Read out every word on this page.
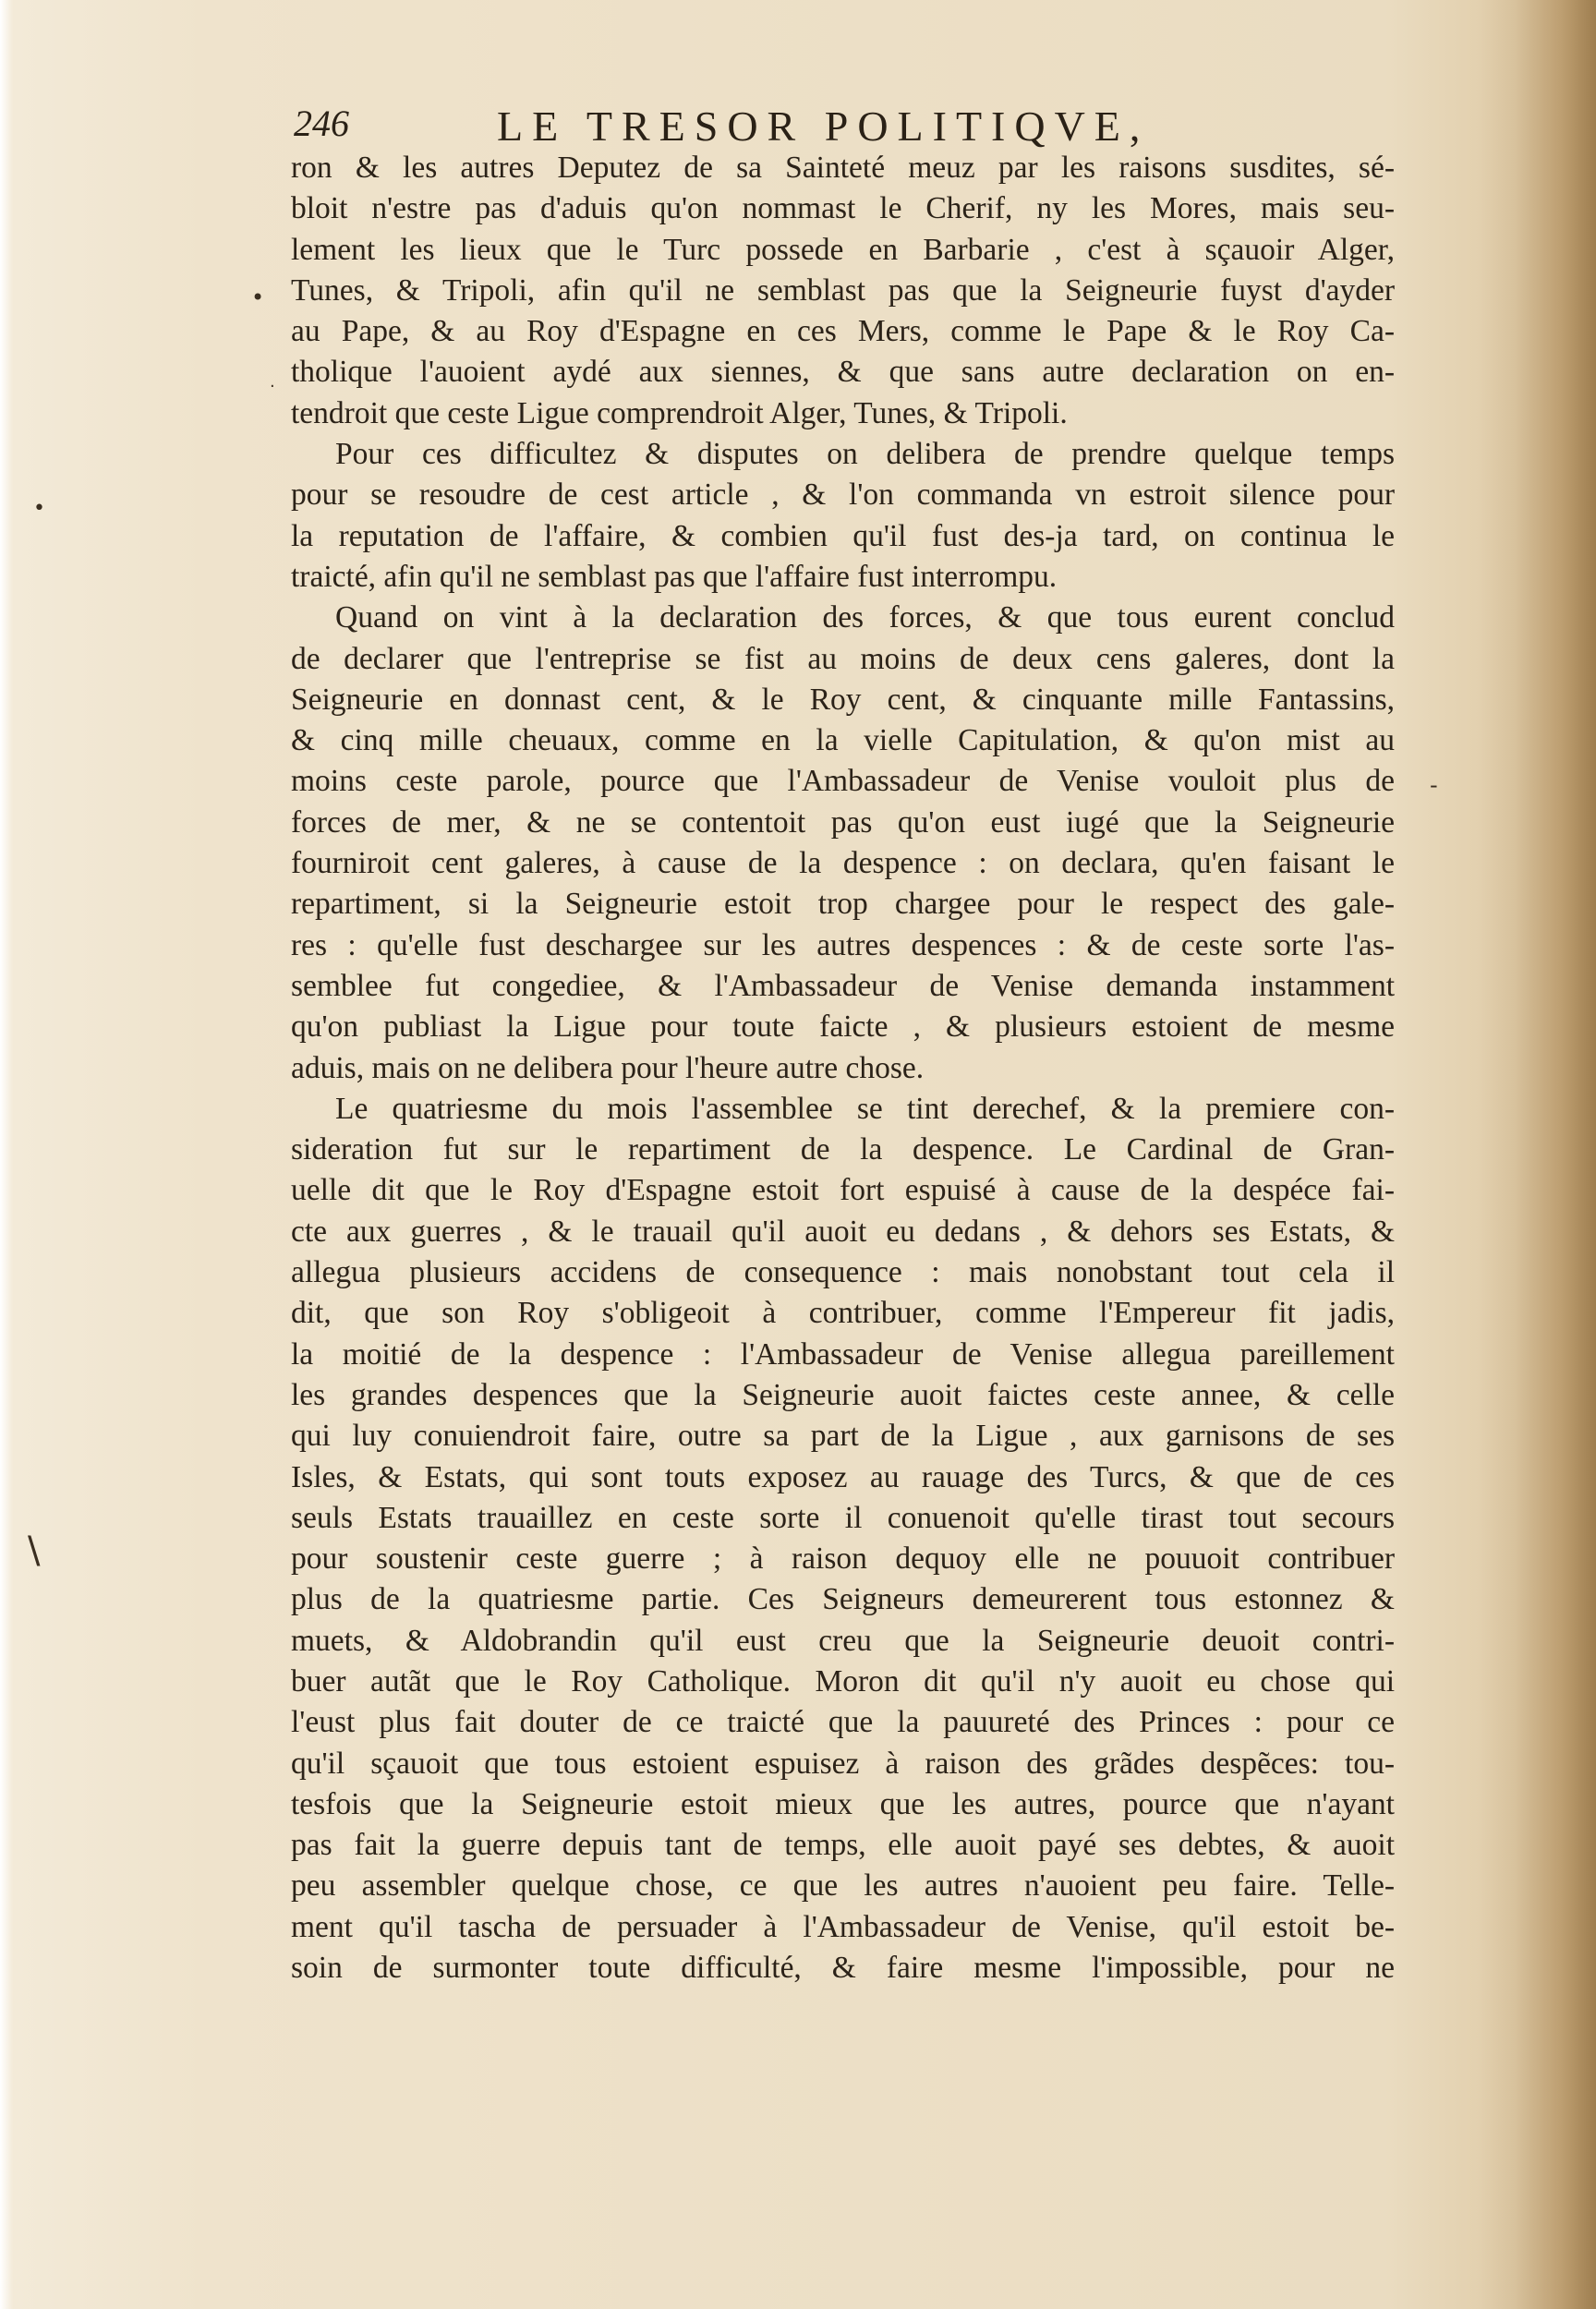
246	LE TRESOR POLITIQVE,
•
·
•
\
-
ron & les autres Deputez de sa Sainteté meuz par les raisons susdites, sé-
bloit n'estre pas d'aduis qu'on nommast le Cherif, ny les Mores, mais seu-
lement les lieux que le Turc possede en Barbarie , c'est à sçauoir Alger,
Tunes, & Tripoli, afin qu'il ne semblast pas que la Seigneurie fuyst d'ayder
au Pape, & au Roy d'Espagne en ces Mers, comme le Pape & le Roy Ca-
tholique l'auoient aydé aux siennes, & que sans autre declaration on en-
tendroit que ceste Ligue comprendroit Alger, Tunes, & Tripoli.
Pour ces difficultez & disputes on delibera de prendre quelque temps
pour se resoudre de cest article , & l'on commanda vn estroit silence pour
la reputation de l'affaire, & combien qu'il fust des-ja tard, on continua le
traicté, afin qu'il ne semblast pas que l'affaire fust interrompu.
Quand on vint à la declaration des forces, & que tous eurent conclud
de declarer que l'entreprise se fist au moins de deux cens galeres, dont la
Seigneurie en donnast cent, & le Roy cent, & cinquante mille Fantassins,
& cinq mille cheuaux, comme en la vielle Capitulation, & qu'on mist au
moins ceste parole, pource que l'Ambassadeur de Venise vouloit plus de
forces de mer, & ne se contentoit pas qu'on eust iugé que la Seigneurie
fourniroit cent galeres, à cause de la despence : on declara, qu'en faisant le
repartiment, si la Seigneurie estoit trop chargee pour le respect des gale-
res : qu'elle fust deschargee sur les autres despences : & de ceste sorte l'as-
semblee fut congediee, & l'Ambassadeur de Venise demanda instamment
qu'on publiast la Ligue pour toute faicte , & plusieurs estoient de mesme
aduis, mais on ne delibera pour l'heure autre chose.
Le quatriesme du mois l'assemblee se tint derechef, & la premiere con-
sideration fut sur le repartiment de la despence. Le Cardinal de Gran-
uelle dit que le Roy d'Espagne estoit fort espuisé à cause de la despéce fai-
cte aux guerres , & le trauail qu'il auoit eu dedans , & dehors ses Estats, &
allegua plusieurs accidens de consequence : mais nonobstant tout cela il
dit, que son Roy s'obligeoit à contribuer, comme l'Empereur fit jadis,
la moitié de la despence : l'Ambassadeur de Venise allegua pareillement
les grandes despences que la Seigneurie auoit faictes ceste annee, & celle
qui luy conuiendroit faire, outre sa part de la Ligue , aux garnisons de ses
Isles, & Estats, qui sont touts exposez au rauage des Turcs, & que de ces
seuls Estats trauaillez en ceste sorte il conuenoit qu'elle tirast tout secours
pour soustenir ceste guerre ; à raison dequoy elle ne pouuoit contribuer
plus de la quatriesme partie. Ces Seigneurs demeurerent tous estonnez &
muets, & Aldobrandin qu'il eust creu que la Seigneurie deuoit contri-
buer autãt que le Roy Catholique. Moron dit qu'il n'y auoit eu chose qui
l'eust plus fait douter de ce traicté que la pauureté des Princes : pour ce
qu'il sçauoit que tous estoient espuisez à raison des grãdes despẽces: tou-
tesfois que la Seigneurie estoit mieux que les autres, pource que n'ayant
pas fait la guerre depuis tant de temps, elle auoit payé ses debtes, & auoit
peu assembler quelque chose, ce que les autres n'auoient peu faire. Telle-
ment qu'il tascha de persuader à l'Ambassadeur de Venise, qu'il estoit be-
soin de surmonter toute difficulté, & faire mesme l'impossible, pour ne
